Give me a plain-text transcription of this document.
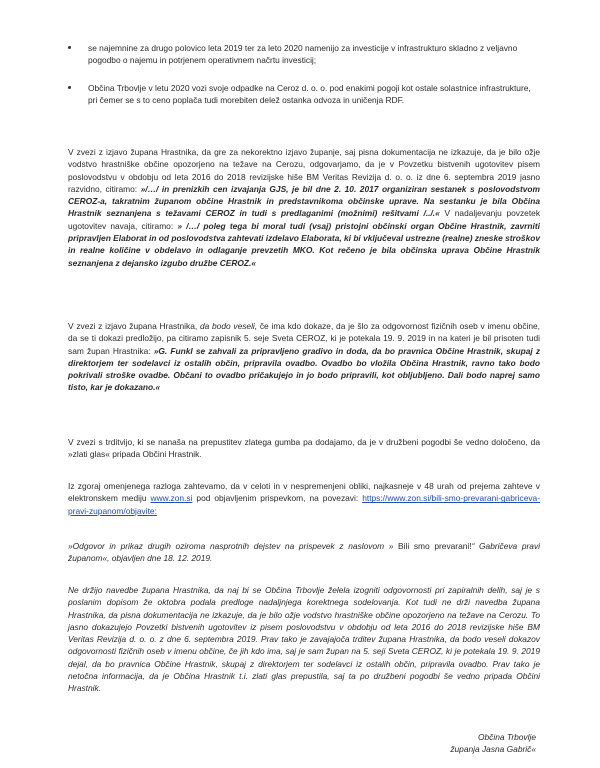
se najemnine za drugo polovico leta 2019 ter za leto 2020 namenijo za investicije v infrastrukturo skladno z veljavno pogodbo o najemu in potrjenem operativnem načrtu investicij;
Občina Trbovlje v letu 2020 vozi svoje odpadke na Ceroz d. o. o. pod enakimi pogoji kot ostale solastnice infrastrukture, pri čemer se s to ceno poplača tudi morebiten delež ostanka odvoza in uničenja RDF.

V zvezi z izjavo župana Hrastnika, da gre za nekorektno izjavo županje, saj pisna dokumentacija ne izkazuje, da je bilo ožje vodstvo hrastniške občine opozorjeno na težave na Cerozu, odgovarjamo, da je v Povzetku bistvenih ugotovitev pisem poslovodstvu v obdobju od leta 2016 do 2018 revizijske hiše BM Veritas Revizija d. o. o. iz dne 6. septembra 2019 jasno razvidno, citiramo: »/…/ in prenizkih cen izvajanja GJS, je bil dne 2. 10. 2017 organiziran sestanek s poslovodstvom CEROZ-a, takratnim županom občine Hrastnik in predstavnikoma občinske uprave. Na sestanku je bila Občina Hrastnik seznanjena s težavami CEROZ in tudi s predlaganimi (možnimi) rešitvami /../.« V nadaljevanju povzetek ugotovitev navaja, citiramo: » /…/ poleg tega bi moral tudi (vsaj) pristojni občinski organ Občine Hrastnik, zavrniti pripravljen Elaborat in od poslovodstva zahtevati izdelavo Elaborata, ki bi vključeval ustrezne (realne) zneske stroškov in realne količine v obdelavo in odlaganje prevzetih MKO. Kot rečeno je bila občinska uprava Občine Hrastnik seznanjena z dejansko izgubo družbe CEROZ.«

V zvezi z izjavo župana Hrastnika, da bodo veseli, če ima kdo dokaze, da je šlo za odgovornost fizičnih oseb v imenu občine, da se ti dokazi predložijo, pa citiramo zapisnik 5. seje Sveta CEROZ, ki je potekala 19. 9. 2019 in na kateri je bil prisoten tudi sam župan Hrastnika: »G. Funkl se zahvali za pripravljeno gradivo in doda, da bo pravnica Občine Hrastnik, skupaj z direktorjem ter sodelavci iz ostalih občin, pripravila ovadbo. Ovadbo bo vložila Občina Hrastnik, ravno tako bodo pokrivali stroške ovadbe. Občani to ovadbo pričakujejo in jo bodo pripravili, kot obljubljeno. Dali bodo naprej samo tisto, kar je dokazano.«

V zvezi s trditvijo, ki se nanaša na prepustitev zlatega gumba pa dodajamo, da je v družbeni pogodbi še vedno določeno, da »zlati glas« pripada Občini Hrastnik.

Iz zgoraj omenjenega razloga zahtevamo, da v celoti in v nespremenjeni obliki, najkasneje v 48 urah od prejema zahteve v elektronskem mediju www.zon.si pod objavljenim prispevkom, na povezavi: https://www.zon.si/bili-smo-prevarani-gabriceva-pravi-zupanom/objavite:

»Odgovor in prikaz drugih oziroma nasprotnih dejstev na prispevek z naslovom » Bili smo prevarani!“ Gabričeva pravi županom«, objavljen dne 18. 12. 2019.

Ne držijo navedbe župana Hrastnika, da naj bi se Občina Trbovlje želela izogniti odgovornosti pri zapiralnih delih, saj je s poslanim dopisom že oktobra podala predloge nadaljnjega korektnega sodelovanja. Kot tudi ne drži navedba župana Hrastnika, da pisna dokumentacija ne izkazuje, da je bilo ožje vodstvo hrastniške občine opozorjeno na težave na Cerozu. To jasno dokazujejo Povzetki bistvenih ugotovitev iz pisem poslovodstvu v obdobju od leta 2016 do 2018 revizijske hiše BM Veritas Revizija d. o. o. z dne 6. septembra 2019. Prav tako je zavajajoča trditev župana Hrastnika, da bodo veseli dokazov odgovornosti fizičnih oseb v imenu občine, če jih kdo ima, saj je sam župan na 5. seji Sveta CEROZ, ki je potekala 19. 9. 2019 dejal, da bo pravnica Občine Hrastnik, skupaj z direktorjem ter sodelavci iz ostalih občin, pripravila ovadbo. Prav tako je netočna informacija, da je Občina Hrastnik t.i. zlati glas prepustila, saj ta po družbeni pogodbi še vedno pripada Občini Hrastnik.

Občina Trbovlje
županja Jasna Gabrič«
